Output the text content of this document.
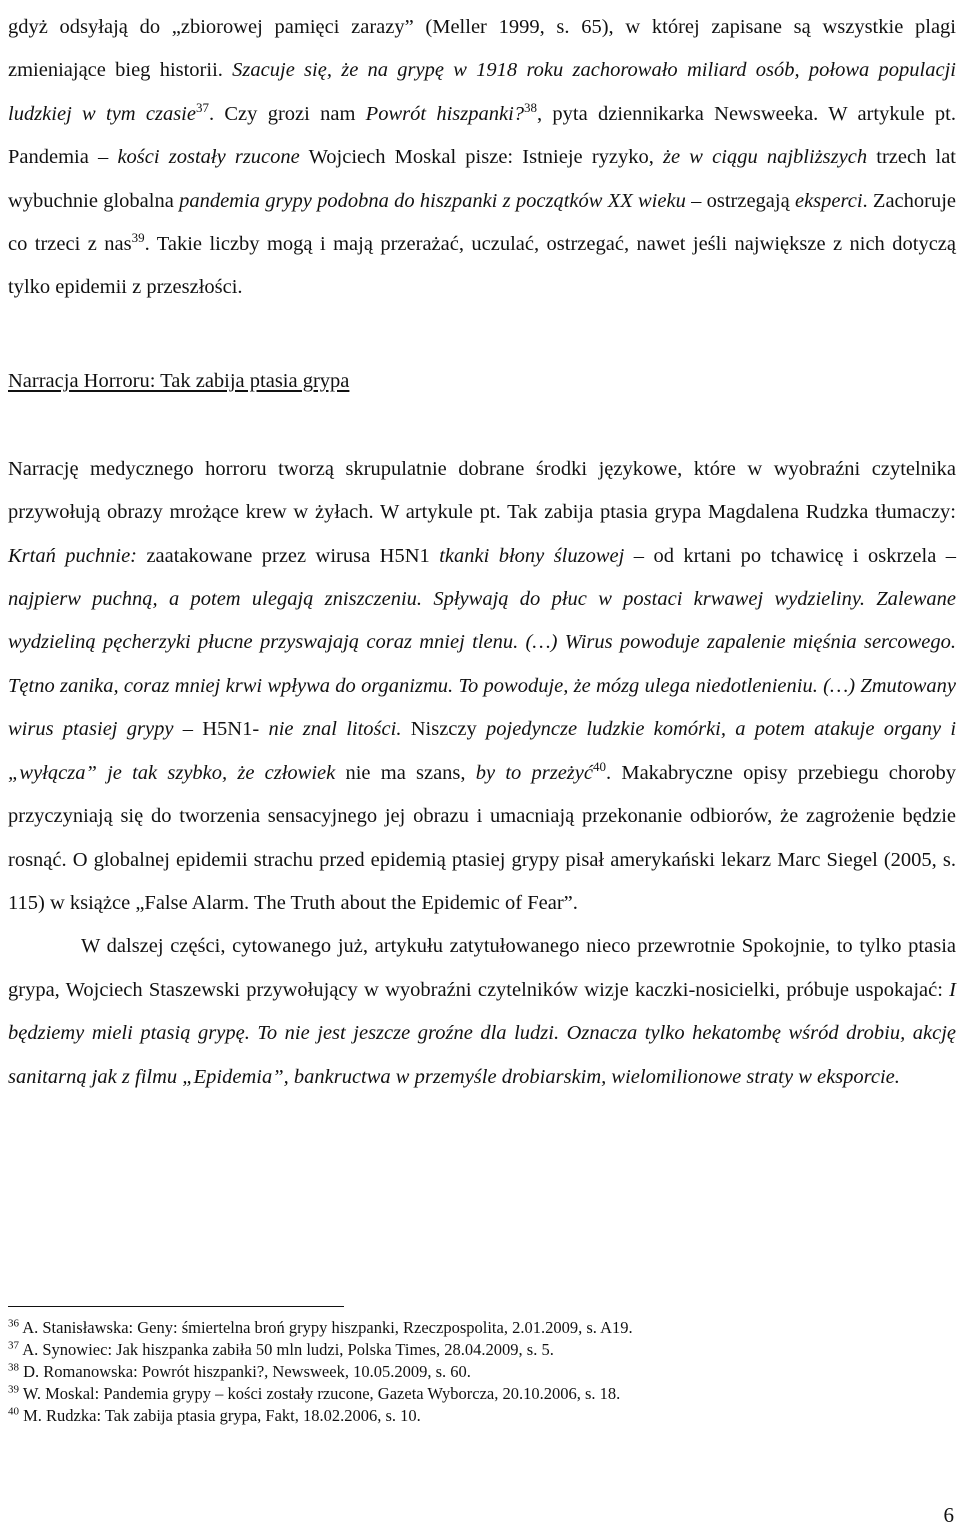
gdyż odsyłają do „zbiorowej pamięci zarazy” (Meller 1999, s. 65), w której zapisane są wszystkie plagi zmieniające bieg historii. Szacuje się, że na grypę w 1918 roku zachorowało miliard osób, połowa populacji ludzkiej w tym czasie$^{37}$. Czy grozi nam Powrót hiszpanki?$^{38}$, pyta dziennikarka Newsweeka. W artykule pt. Pandemia – kości zostały rzucone Wojciech Moskal pisze: Istnieje ryzyko, że w ciągu najbliższych trzech lat wybuchnie globalna pandemia grypy podobna do hiszpanki z początków XX wieku – ostrzegają eksperci. Zachoruje co trzeci z nas$^{39}$. Takie liczby mogą i mają przerażać, uczulać, ostrzegać, nawet jeśli największe z nich dotyczą tylko epidemii z przeszłości.

Narracja Horroru: Tak zabija ptasia grypa

Narrację medycznego horroru tworzą skrupulatnie dobrane środki językowe, które w wyobraźni czytelnika przywołują obrazy mrożące krew w żyłach. W artykule pt. Tak zabija ptasia grypa Magdalena Rudzka tłumaczy: Krtań puchnie: zaatakowane przez wirusa H5N1 tkanki błony śluzowej – od krtani po tchawicę i oskrzela – najpierw puchną, a potem ulegają zniszczeniu. Spływają do płuc w postaci krwawej wydzieliny. Zalewane wydzieliną pęcherzyki płucne przyswajają coraz mniej tlenu. (…) Wirus powoduje zapalenie mięśnia sercowego. Tętno zanika, coraz mniej krwi wpływa do organizmu. To powoduje, że mózg ulega niedotlenieniu. (…) Zmutowany wirus ptasiej grypy – H5N1- nie znal litości. Niszczy pojedyncze ludzkie komórki, a potem atakuje organy i „wyłącza” je tak szybko, że człowiek nie ma szans, by to przeżyć$^{40}$. Makabryczne opisy przebiegu choroby przyczyniają się do tworzenia sensacyjnego jej obrazu i umacniają przekonanie odbiorów, że zagrożenie będzie rosnąć. O globalnej epidemii strachu przed epidemią ptasiej grypy pisał amerykański lekarz Marc Siegel (2005, s. 115) w książce „False Alarm. The Truth about the Epidemic of Fear”.

W dalszej części, cytowanego już, artykułu zatytułowanego nieco przewrotnie Spokojnie, to tylko ptasia grypa, Wojciech Staszewski przywołujący w wyobraźni czytelników wizje kaczki-nosicielki, próbuje uspokajać: I będziemy mieli ptasią grypę. To nie jest jeszcze groźne dla ludzi. Oznacza tylko hekatombę wśród drobiu, akcję sanitarną jak z filmu „Epidemia”, bankructwa w przemyśle drobiarskim, wielomilionowe straty w eksporcie.

$^{36}$ A. Stanisławska: Geny: śmiertelna broń grypy hiszpanki, Rzeczpospolita, 2.01.2009, s. A19.

$^{37}$ A. Synowiec: Jak hiszpanka zabiła 50 mln ludzi, Polska Times, 28.04.2009, s. 5.

$^{38}$ D. Romanowska: Powrót hiszpanki?, Newsweek, 10.05.2009, s. 60.

$^{39}$ W. Moskal: Pandemia grypy – kości zostały rzucone, Gazeta Wyborcza, 20.10.2006, s. 18.

$^{40}$ M. Rudzka: Tak zabija ptasia grypa, Fakt, 18.02.2006, s. 10.

6
